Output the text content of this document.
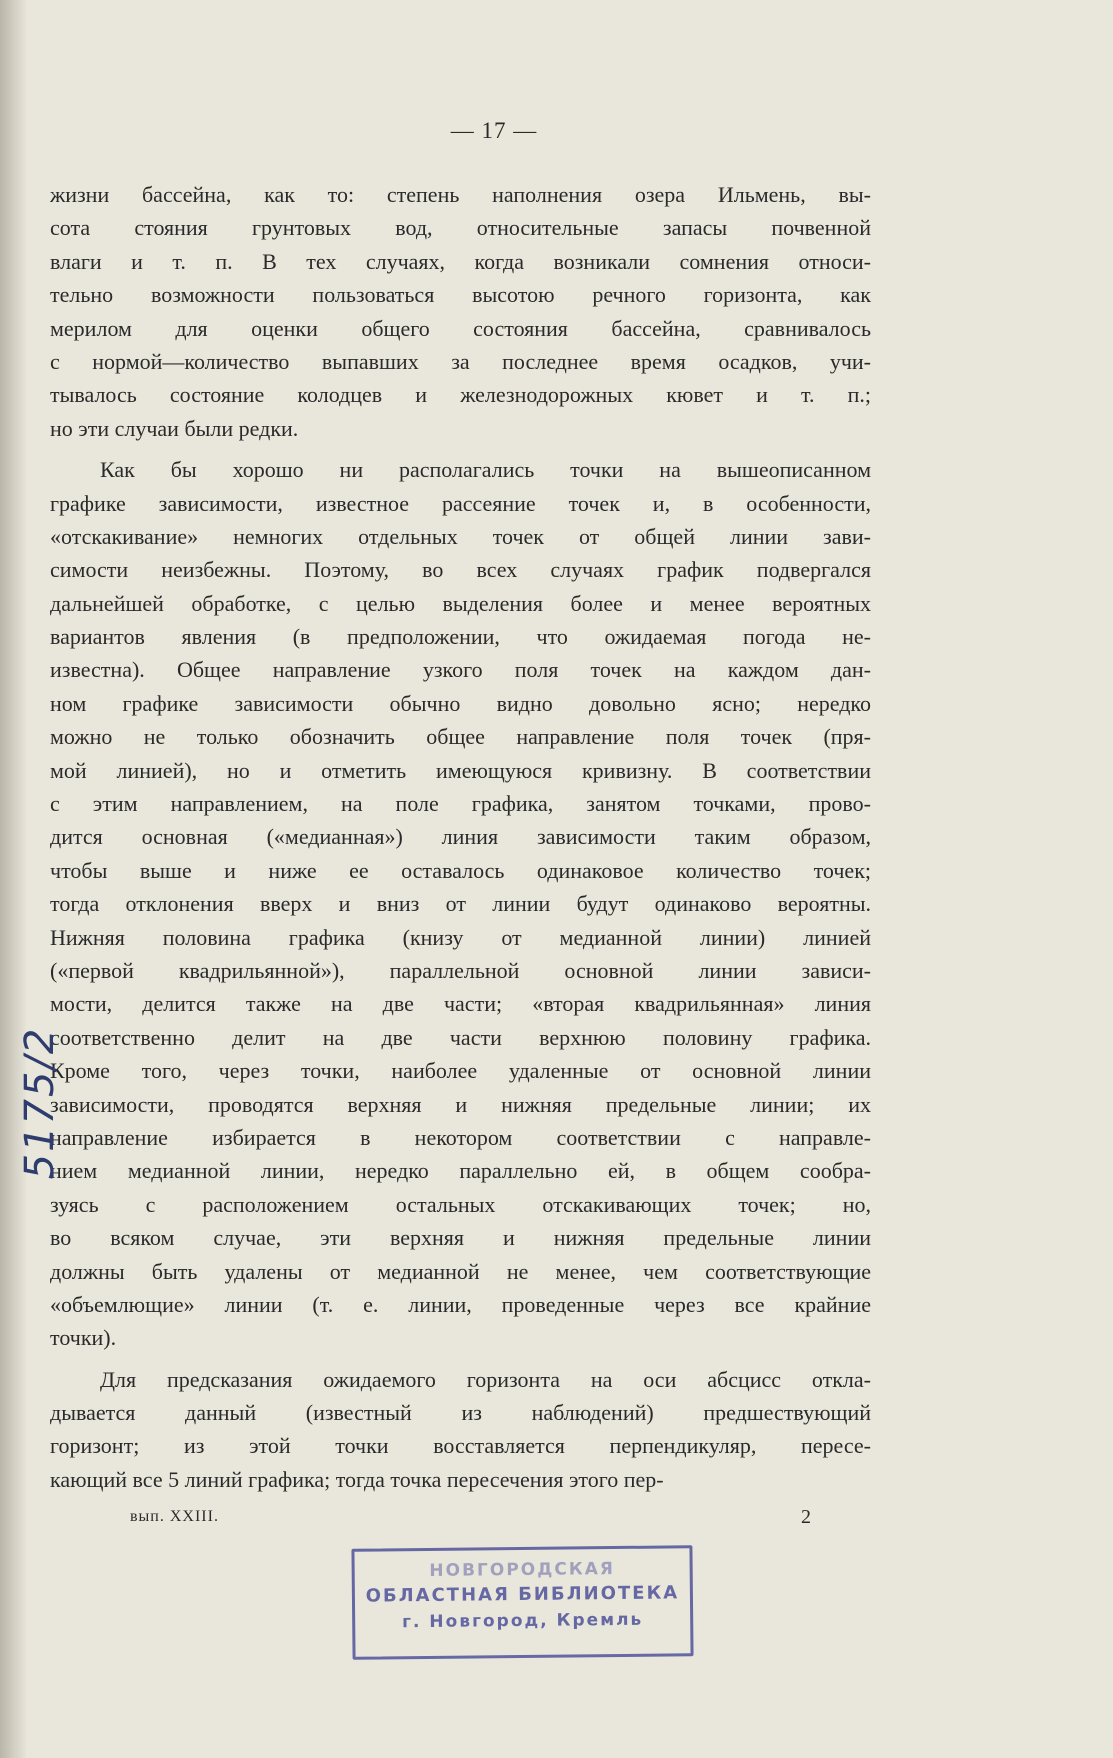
— 17 —
жизни бассейна, как то: степень наполнения озера Ильмень, вы-
сота стояния грунтовых вод, относительные запасы почвенной
влаги и т. п. В тех случаях, когда возникали сомнения относи-
тельно возможности пользоваться высотою речного горизонта, как
мерилом для оценки общего состояния бассейна, сравнивалось
с нормой—количество выпавших за последнее время осадков, учи-
тывалось состояние колодцев и железнодорожных кювет и т. п.;
но эти случаи были редки.
Как бы хорошо ни располагались точки на вышеописанном
графике зависимости, известное рассеяние точек и, в особенности,
«отскакивание» немногих отдельных точек от общей линии зави-
симости неизбежны. Поэтому, во всех случаях график подвергался
дальнейшей обработке, с целью выделения более и менее вероятных
вариантов явления (в предположении, что ожидаемая погода не-
известна). Общее направление узкого поля точек на каждом дан-
ном графике зависимости обычно видно довольно ясно; нередко
можно не только обозначить общее направление поля точек (пря-
мой линией), но и отметить имеющуюся кривизну. В соответствии
с этим направлением, на поле графика, занятом точками, прово-
дится основная («медианная») линия зависимости таким образом,
чтобы выше и ниже ее оставалось одинаковое количество точек;
тогда отклонения вверх и вниз от линии будут одинаково вероятны.
Нижняя половина графика (книзу от медианной линии) линией
(«первой квадрильянной»), параллельной основной линии зависи-
мости, делится также на две части; «вторая квадрильянная» линия
соответственно делит на две части верхнюю половину графика.
Кроме того, через точки, наиболее удаленные от основной линии
зависимости, проводятся верхняя и нижняя предельные линии; их
направление избирается в некотором соответствии с направле-
нием медианной линии, нередко параллельно ей, в общем сообра-
зуясь с расположением остальных отскакивающих точек; но,
во всяком случае, эти верхняя и нижняя предельные линии
должны быть удалены от медианной не менее, чем соответствующие
«объемлющие» линии (т. е. линии, проведенные через все крайние
точки).
Для предсказания ожидаемого горизонта на оси абсцисс откла-
дывается данный (известный из наблюдений) предшествующий
горизонт; из этой точки восставляется перпендикуляр, пересе-
кающий все 5 линий графика; тогда точка пересечения этого пер-
вып. XXIII.	2
5175/2
НОВГОРОДСКАЯ
ОБЛАСТНАЯ БИБЛИОТЕКА
г. Новгород, Кремль
